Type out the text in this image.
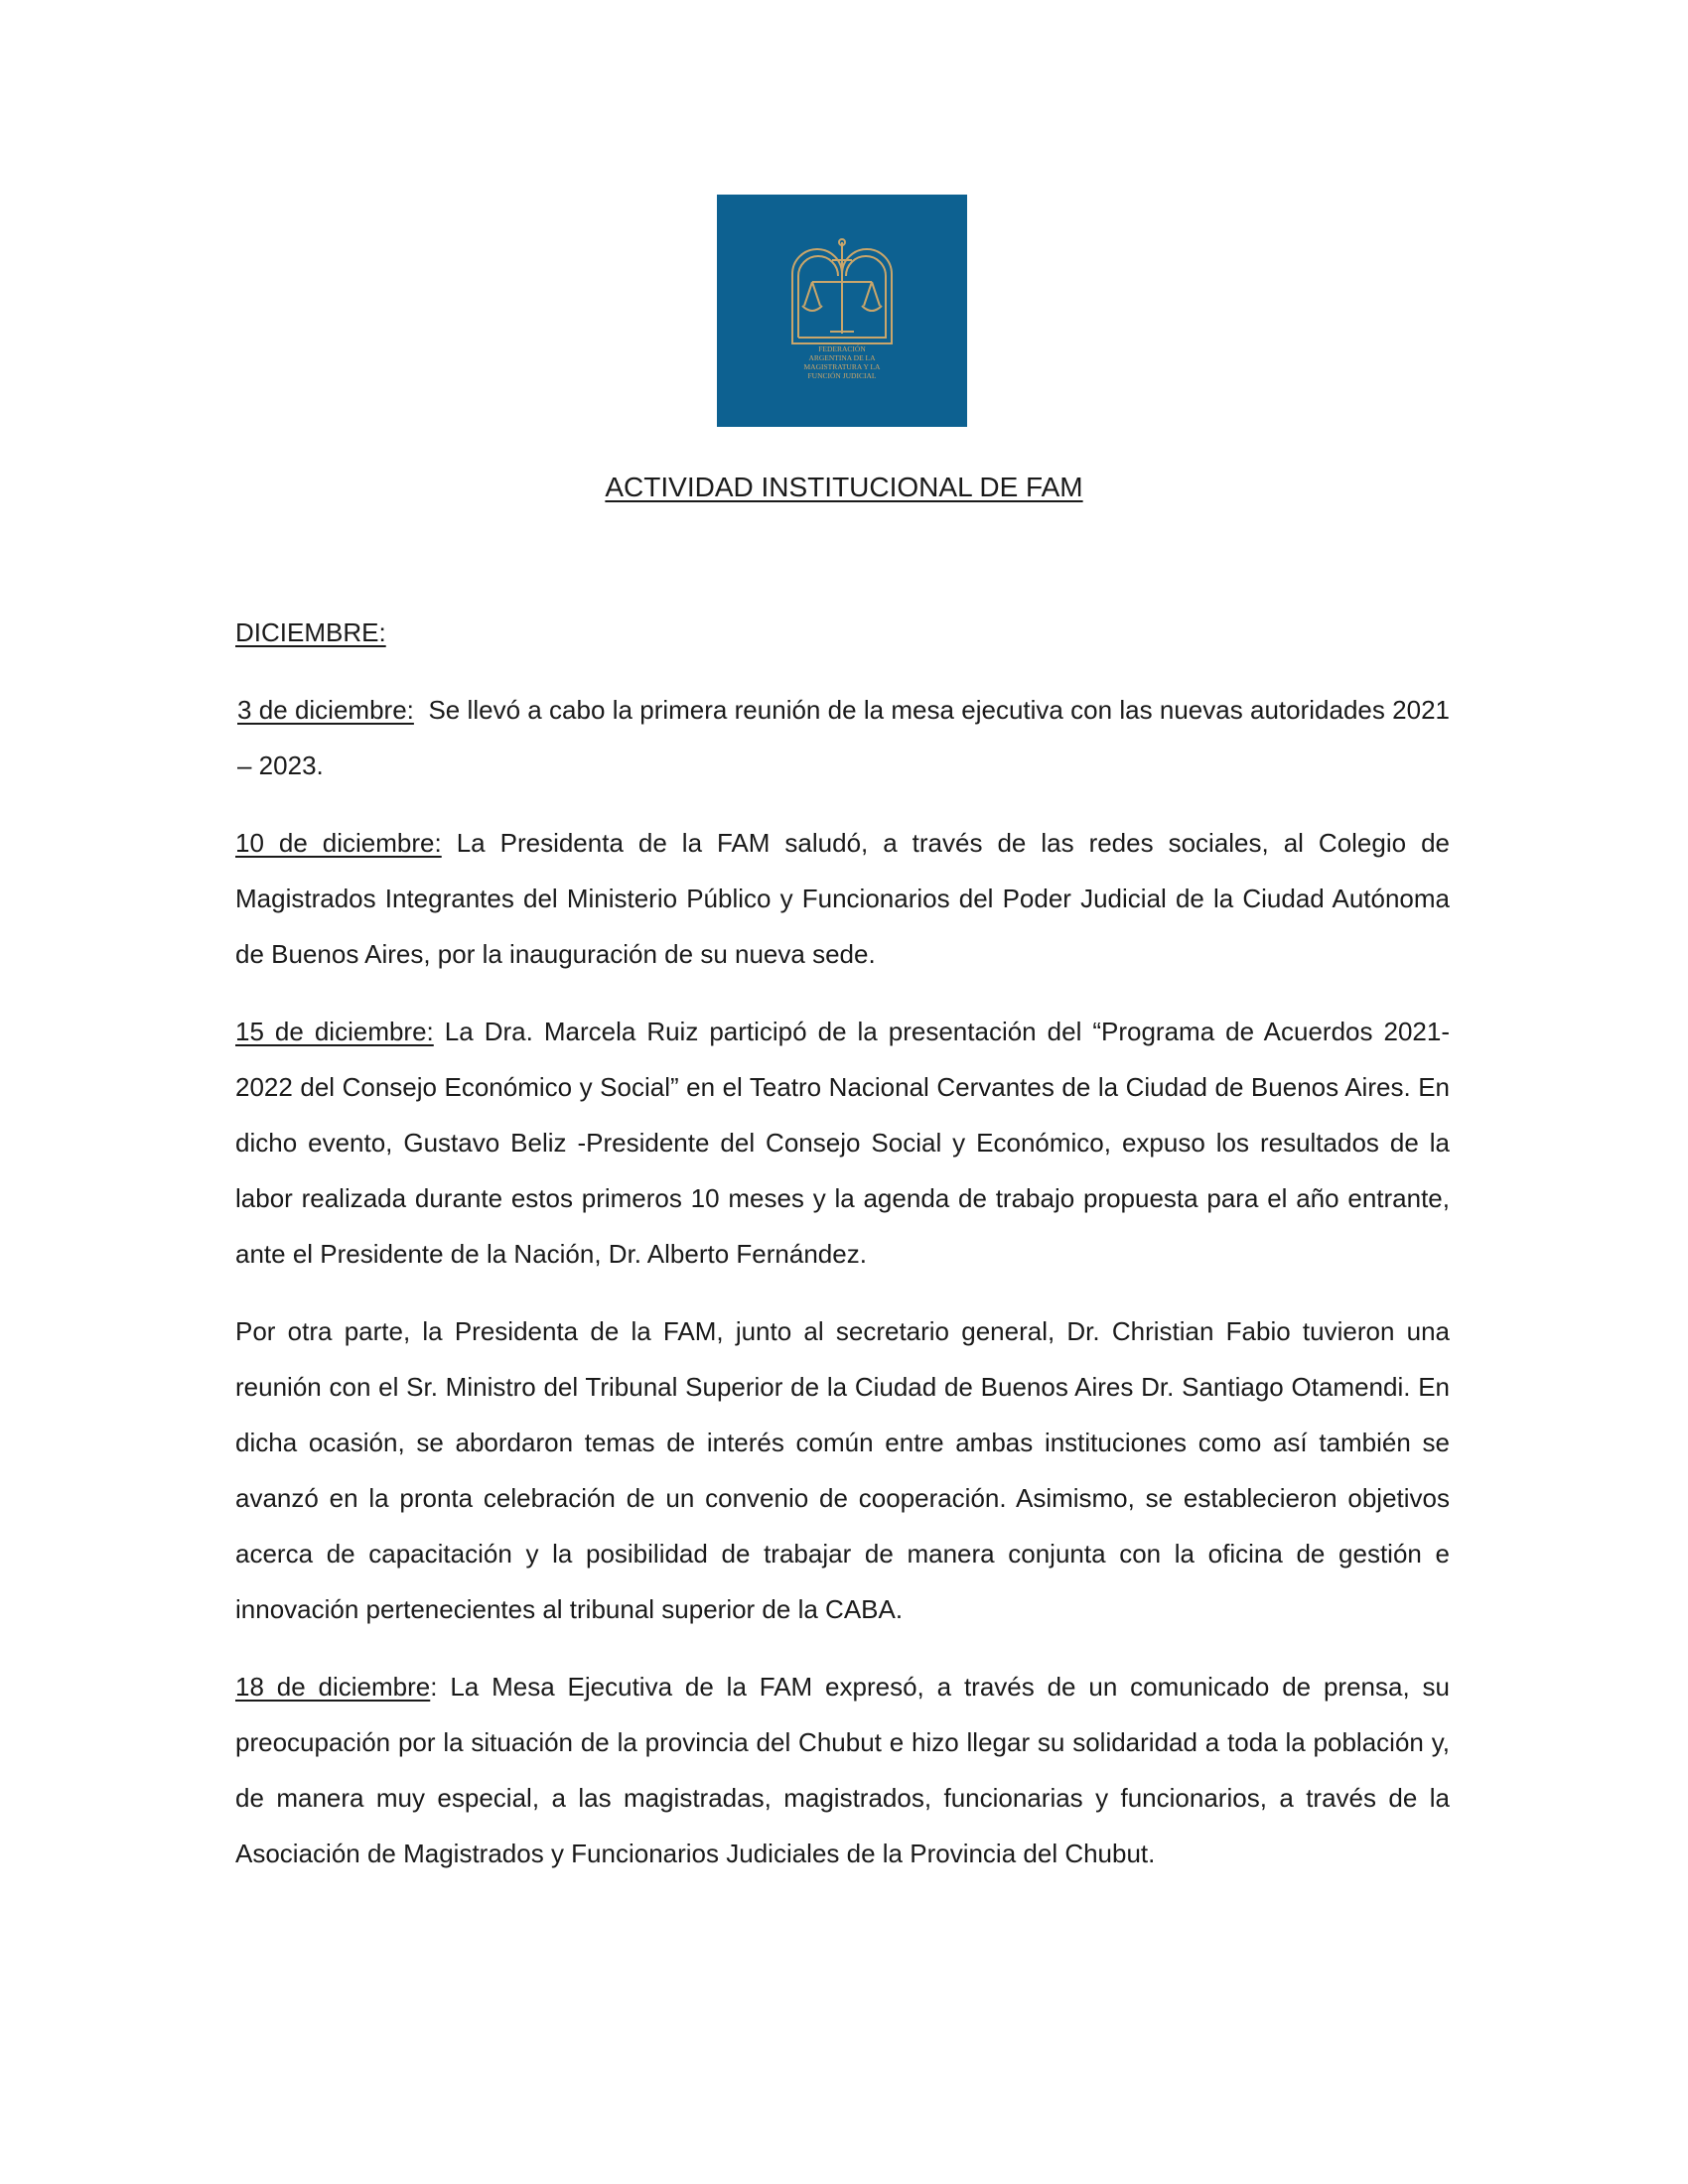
FEDERACIÓN
ARGENTINA DE LA
MAGISTRATURA Y LA
FUNCIÓN JUDICIAL
ACTIVIDAD INSTITUCIONAL DE FAM
DICIEMBRE:

3 de diciembre: Se llevó a cabo la primera reunión de la mesa ejecutiva con las nuevas autoridades 2021 – 2023.

10 de diciembre: La Presidenta de la FAM saludó, a través de las redes sociales, al Colegio de Magistrados Integrantes del Ministerio Público y Funcionarios del Poder Judicial de la Ciudad Autónoma de Buenos Aires, por la inauguración de su nueva sede.

15 de diciembre: La Dra. Marcela Ruiz participó de la presentación del “Programa de Acuerdos 2021-2022 del Consejo Económico y Social” en el Teatro Nacional Cervantes de la Ciudad de Buenos Aires. En dicho evento, Gustavo Beliz -Presidente del Consejo Social y Económico, expuso los resultados de la labor realizada durante estos primeros 10 meses y la agenda de trabajo propuesta para el año entrante, ante el Presidente de la Nación, Dr. Alberto Fernández.

Por otra parte, la Presidenta de la FAM, junto al secretario general, Dr. Christian Fabio tuvieron una reunión con el Sr. Ministro del Tribunal Superior de la Ciudad de Buenos Aires Dr. Santiago Otamendi. En dicha ocasión, se abordaron temas de interés común entre ambas instituciones como así también se avanzó en la pronta celebración de un convenio de cooperación. Asimismo, se establecieron objetivos acerca de capacitación y la posibilidad de trabajar de manera conjunta con la oficina de gestión e innovación pertenecientes al tribunal superior de la CABA.

18 de diciembre: La Mesa Ejecutiva de la FAM expresó, a través de un comunicado de prensa, su preocupación por la situación de la provincia del Chubut e hizo llegar su solidaridad a toda la población y, de manera muy especial, a las magistradas, magistrados, funcionarias y funcionarios, a través de la Asociación de Magistrados y Funcionarios Judiciales de la Provincia del Chubut.
